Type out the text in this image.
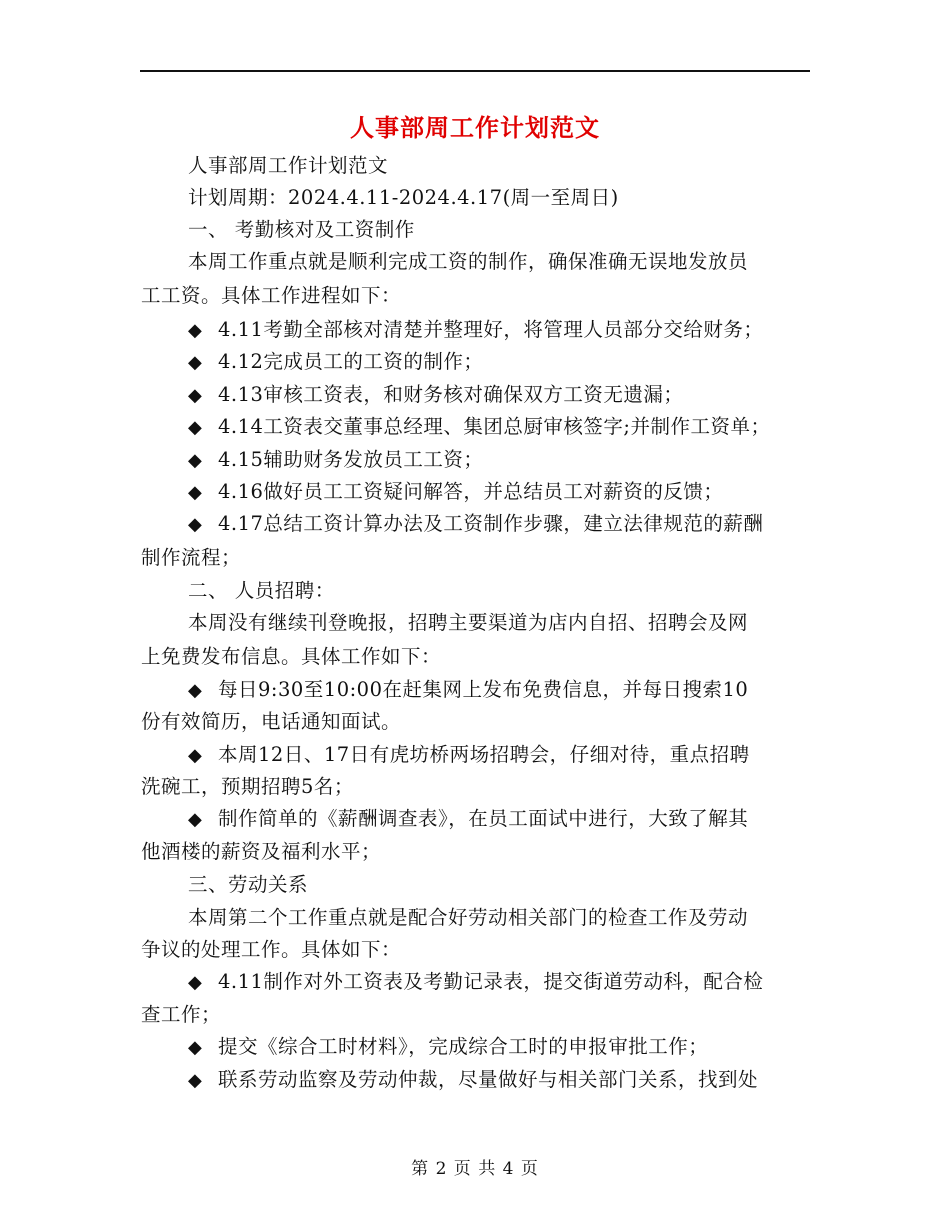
人事部周工作计划范文
人事部周工作计划范文
计划周期：2024.4.11-2024.4.17(周一至周日)
一、 考勤核对及工资制作
本周工作重点就是顺利完成工资的制作，确保准确无误地发放员
工工资。具体工作进程如下：
◆ 4.11考勤全部核对清楚并整理好，将管理人员部分交给财务；
◆ 4.12完成员工的工资的制作；
◆ 4.13审核工资表，和财务核对确保双方工资无遗漏；
◆ 4.14工资表交董事总经理、集团总厨审核签字;并制作工资单；
◆ 4.15辅助财务发放员工工资；
◆ 4.16做好员工工资疑问解答，并总结员工对薪资的反馈；
◆ 4.17总结工资计算办法及工资制作步骤，建立法律规范的薪酬
制作流程；
二、 人员招聘：
本周没有继续刊登晚报，招聘主要渠道为店内自招、招聘会及网
上免费发布信息。具体工作如下：
◆ 每日9:30至10:00在赶集网上发布免费信息，并每日搜索10
份有效简历，电话通知面试。
◆ 本周12日、17日有虎坊桥两场招聘会，仔细对待，重点招聘
洗碗工，预期招聘5名；
◆ 制作简单的《薪酬调查表》，在员工面试中进行，大致了解其
他酒楼的薪资及福利水平；
三、劳动关系
本周第二个工作重点就是配合好劳动相关部门的检查工作及劳动
争议的处理工作。具体如下：
◆ 4.11制作对外工资表及考勤记录表，提交街道劳动科，配合检
查工作；
◆ 提交《综合工时材料》，完成综合工时的申报审批工作；
◆ 联系劳动监察及劳动仲裁，尽量做好与相关部门关系，找到处
第 2 页 共 4 页
